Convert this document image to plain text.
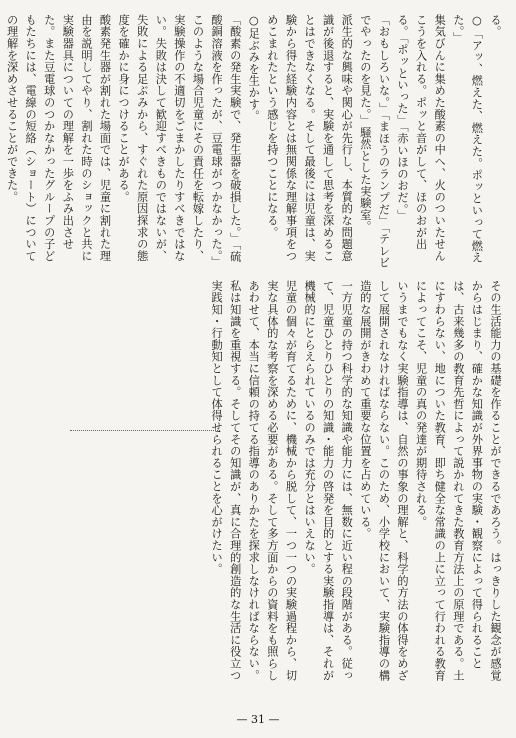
る。

○「アッ、燃えた、燃えた。ポッといって燃えた。」

集気びんに集めた酸素の中へ、火のついたせんこうを入れる。ポッと音がして、ほのおが出る。「ポッといった」「赤いほのおだ。」

「おもしろいな。」「まほうのランプだ」「テレビでやったのを見た。」騒然とした実験室。

派生的な興味や関心が先行し、本質的な問題意識が後退すると、実験を通して思考を深めることはできなくなる。そして最後には児童は、実験から得た経験内容とは無関係な理解事項をつめこまれたという感じを持つことになる。

○足ぶみを生かす。

「酸素の発生実験で、発生器を破損した。」「硫酸銅溶液を作ったが、豆電球がつかなかった。」このような場合児童にその責任を転嫁したり、実験操作の不適切をごまかしたりすべきではない。失敗は決して歓迎すべきものではないが、失敗による足ぶみから、すぐれた原因探求の態度を確かに身につけることがある。

酸素発生器が割れた場面では、児童に割れた理由を説明してやり、割れた時のショックと共に実験器具についての理解を一歩をふみ出させた。また豆電球のつかなかったグループの子どもたちには、電線の短絡（ショート）についての理解を深めさせることができた。

その生活能力の基礎を作ることができるであろう。はっきりした観念が感覚からはじまり、確かな知識が外界事物の実験・観察によって得られることは、古来幾多の教育先哲によって説かれてきた教育方法上の原理である。土にすわらない、地についた教育、即ち健全な常識の上に立って行われる教育によってこそ、児童の真の発達が期待される。

いうまでもなく実験指導は、自然の事象の理解と、科学的方法の体得をめざして展開されなければならない。このため、小学校において、実験指導の構造的な展開がきわめて重要な位置を占めている。

一方児童の持つ科学的な知識や能力には、無数に近い程の段階がある。従って、児童ひとりひとりの知識・能力の啓発を目的とする実験指導は、それが機械的にとらえられているのみでは充分とはいえない。

児童の個々が育てるために、機械から脱して、一つ一つの実験過程から、切実な具体的な考察を深める必要がある。そして多方面からの資料をも照らしあわせて、本当に信頼の持てる指導のありかたを探求しなければならない。

私は知識を重視する。そしてその知識が、真に合理的創造的な生活に役立つ実践知・行動知として体得せられることを心がけたい。

— 31 —
